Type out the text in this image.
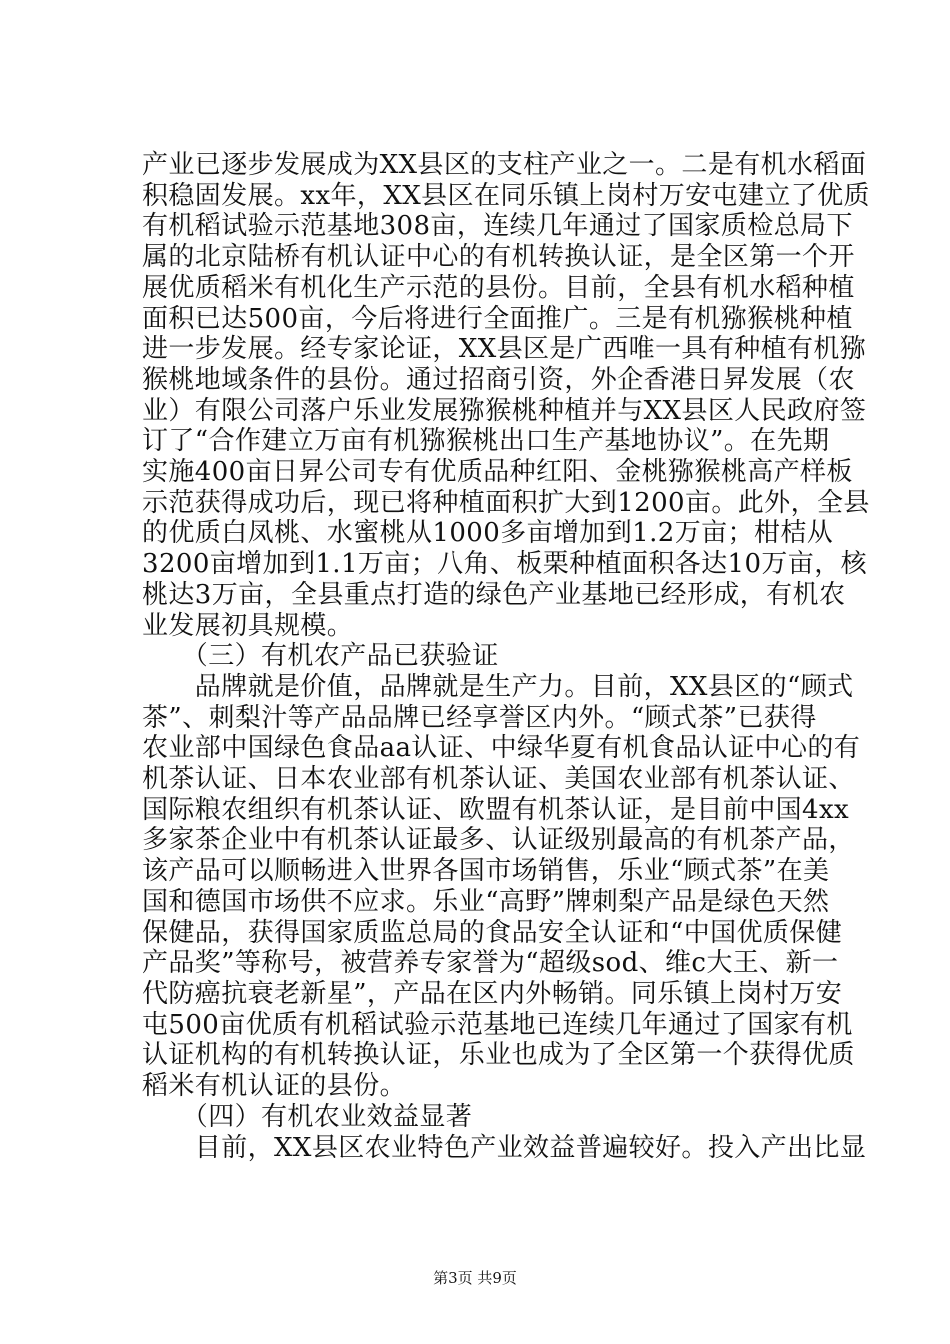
产业已逐步发展成为XX县区的支柱产业之一。二是有机水稻面
积稳固发展。xx年，XX县区在同乐镇上岗村万安屯建立了优质
有机稻试验示范基地308亩，连续几年通过了国家质检总局下
属的北京陆桥有机认证中心的有机转换认证，是全区第一个开
展优质稻米有机化生产示范的县份。目前，全县有机水稻种植
面积已达500亩，今后将进行全面推广。三是有机猕猴桃种植
进一步发展。经专家论证，XX县区是广西唯一具有种植有机猕
猴桃地域条件的县份。通过招商引资，外企香港日昇发展（农
业）有限公司落户乐业发展猕猴桃种植并与XX县区人民政府签
订了“合作建立万亩有机猕猴桃出口生产基地协议”。在先期
实施400亩日昇公司专有优质品种红阳、金桃猕猴桃高产样板
示范获得成功后，现已将种植面积扩大到1200亩。此外，全县
的优质白凤桃、水蜜桃从1000多亩增加到1.2万亩；柑桔从
3200亩增加到1.1万亩；八角、板栗种植面积各达10万亩，核
桃达3万亩，全县重点打造的绿色产业基地已经形成，有机农
业发展初具规模。
　　（三）有机农产品已获验证
　　品牌就是价值，品牌就是生产力。目前，XX县区的“顾式
茶”、刺梨汁等产品品牌已经享誉区内外。“顾式茶”已获得
农业部中国绿色食品aa认证、中绿华夏有机食品认证中心的有
机茶认证、日本农业部有机茶认证、美国农业部有机茶认证、
国际粮农组织有机茶认证、欧盟有机茶认证，是目前中国4xx
多家茶企业中有机茶认证最多、认证级别最高的有机茶产品，
该产品可以顺畅进入世界各国市场销售，乐业“顾式茶”在美
国和德国市场供不应求。乐业“高野”牌刺梨产品是绿色天然
保健品，获得国家质监总局的食品安全认证和“中国优质保健
产品奖”等称号，被营养专家誉为“超级sod、维c大王、新一
代防癌抗衰老新星”，产品在区内外畅销。同乐镇上岗村万安
屯500亩优质有机稻试验示范基地已连续几年通过了国家有机
认证机构的有机转换认证，乐业也成为了全区第一个获得优质
稻米有机认证的县份。
　　（四）有机农业效益显著
　　目前，XX县区农业特色产业效益普遍较好。投入产出比显
第3页 共9页
